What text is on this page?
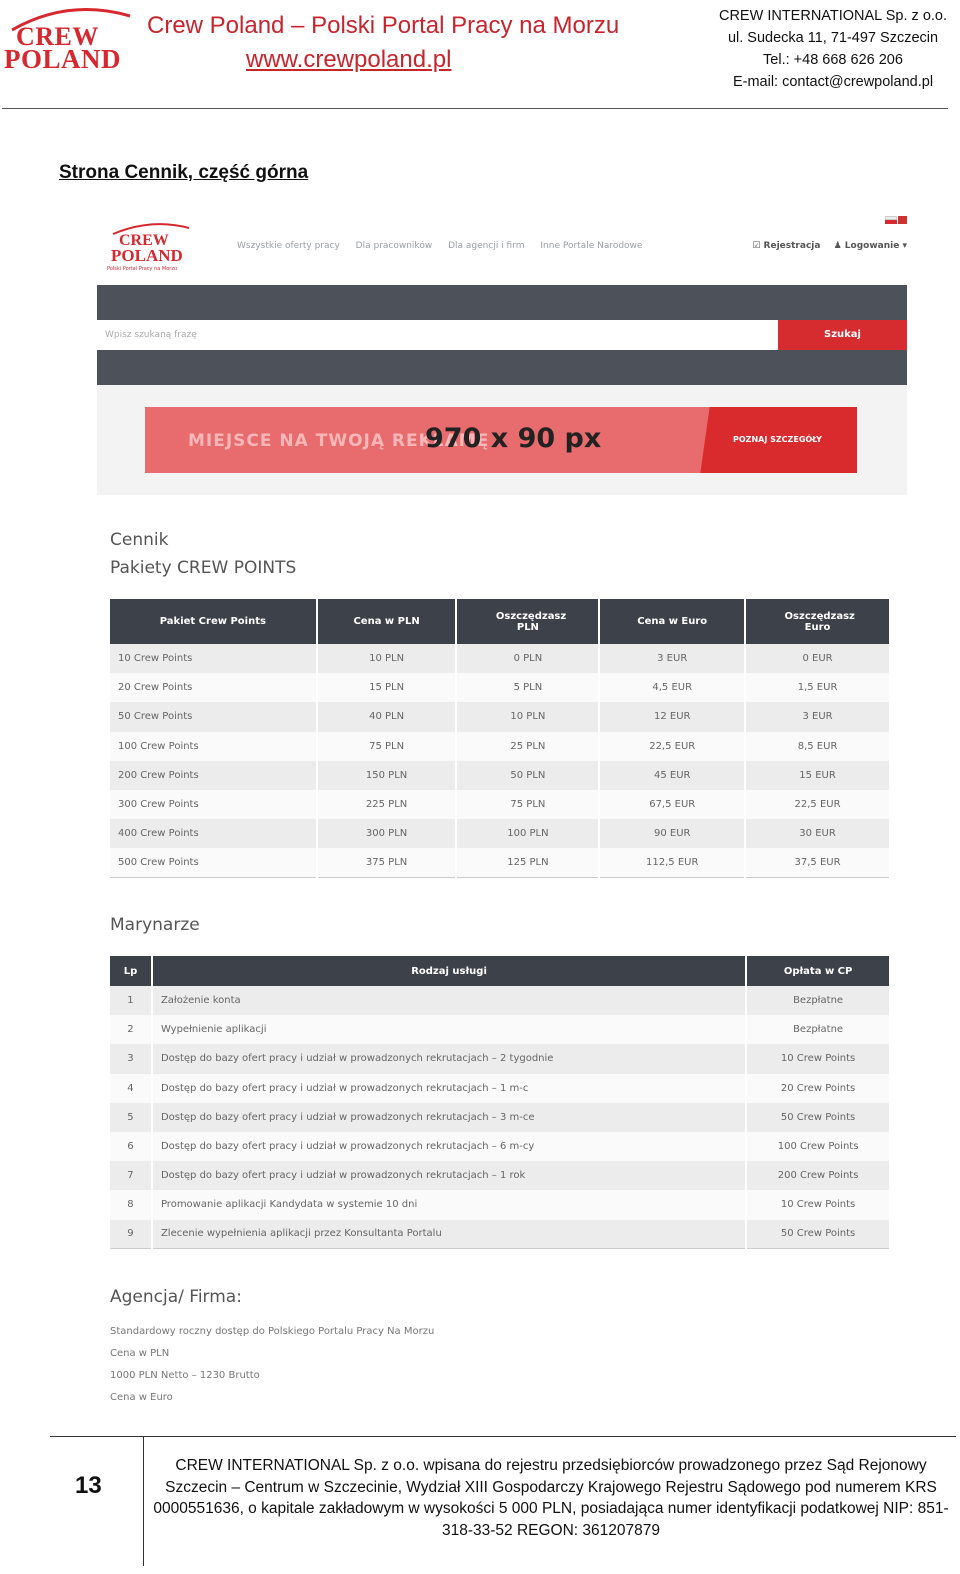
CREW
POLAND
Crew Poland – Polski Portal Pracy na Morzu
www.crewpoland.pl
CREW INTERNATIONAL Sp. z o.o.
ul. Sudecka 11, 71-497 Szczecin
Tel.: +48 668 626 206
E-mail: contact@crewpoland.pl
Strona Cennik, część górna
CREW
POLAND
Polski Portal Pracy na Morzu
Wszystkie oferty pracy Dla pracowników Dla agencji i firm Inne Portale Narodowe	☑ Rejestracja ♟ Logowanie ▾
Wpisz szukaną frazę	Szukaj
MIEJSCE NA TWOJĄ REKLAMĘ
970 x 90 px	POZNAJ SZCZEGÓŁY
Cennik
Pakiety CREW POINTS
Pakiet Crew Points	Cena w PLN	Oszczędzasz PLN	Cena w Euro	Oszczędzasz Euro
10 Crew Points	10 PLN	0 PLN	3 EUR	0 EUR
20 Crew Points	15 PLN	5 PLN	4,5 EUR	1,5 EUR
50 Crew Points	40 PLN	10 PLN	12 EUR	3 EUR
100 Crew Points	75 PLN	25 PLN	22,5 EUR	8,5 EUR
200 Crew Points	150 PLN	50 PLN	45 EUR	15 EUR
300 Crew Points	225 PLN	75 PLN	67,5 EUR	22,5 EUR
400 Crew Points	300 PLN	100 PLN	90 EUR	30 EUR
500 Crew Points	375 PLN	125 PLN	112,5 EUR	37,5 EUR
Marynarze
Lp	Rodzaj usługi	Opłata w CP
1	Założenie konta	Bezpłatne
2	Wypełnienie aplikacji	Bezpłatne
3	Dostęp do bazy ofert pracy i udział w prowadzonych rekrutacjach – 2 tygodnie	10 Crew Points
4	Dostęp do bazy ofert pracy i udział w prowadzonych rekrutacjach – 1 m-c	20 Crew Points
5	Dostęp do bazy ofert pracy i udział w prowadzonych rekrutacjach – 3 m-ce	50 Crew Points
6	Dostęp do bazy ofert pracy i udział w prowadzonych rekrutacjach – 6 m-cy	100 Crew Points
7	Dostęp do bazy ofert pracy i udział w prowadzonych rekrutacjach – 1 rok	200 Crew Points
8	Promowanie aplikacji Kandydata w systemie 10 dni	10 Crew Points
9	Zlecenie wypełnienia aplikacji przez Konsultanta Portalu	50 Crew Points
Agencja/ Firma:
Standardowy roczny dostęp do Polskiego Portalu Pracy Na Morzu
Cena w PLN
1000 PLN Netto – 1230 Brutto
Cena w Euro
13
CREW INTERNATIONAL Sp. z o.o. wpisana do rejestru przedsiębiorców prowadzonego przez Sąd Rejonowy Szczecin – Centrum w Szczecinie, Wydział XIII Gospodarczy Krajowego Rejestru Sądowego pod numerem KRS 0000551636, o kapitale zakładowym w wysokości 5 000 PLN, posiadająca numer identyfikacji podatkowej NIP: 851-318-33-52 REGON: 361207879
